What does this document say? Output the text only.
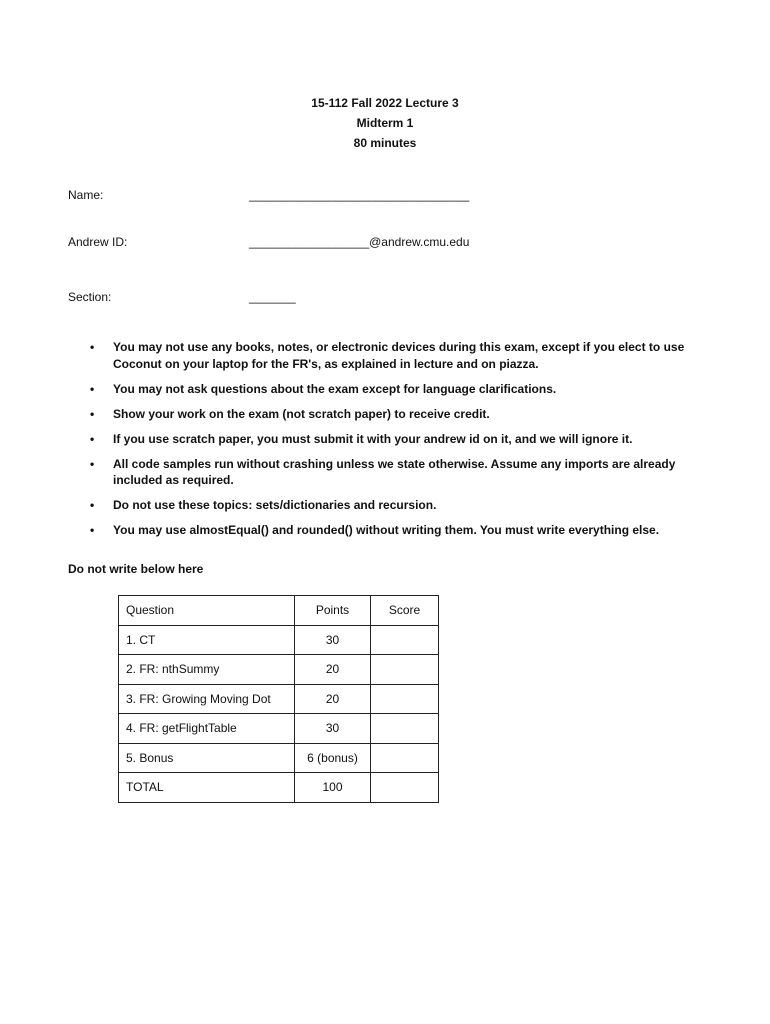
15-112 Fall 2022 Lecture 3
Midterm 1
80 minutes
Name:	_________________________________
Andrew ID:	__________________@andrew.cmu.edu
Section:	_______
• You may not use any books, notes, or electronic devices during this exam, except if you elect to use Coconut on your laptop for the FR's, as explained in lecture and on piazza.
• You may not ask questions about the exam except for language clarifications.
• Show your work on the exam (not scratch paper) to receive credit.
• If you use scratch paper, you must submit it with your andrew id on it, and we will ignore it.
• All code samples run without crashing unless we state otherwise. Assume any imports are already included as required.
• Do not use these topics: sets/dictionaries and recursion.
• You may use almostEqual() and rounded() without writing them. You must write everything else.
Do not write below here
Question	Points	Score
1. CT	30	
2. FR: nthSummy	20	
3. FR: Growing Moving Dot	20	
4. FR: getFlightTable	30	
5. Bonus	6 (bonus)	
TOTAL	100	
